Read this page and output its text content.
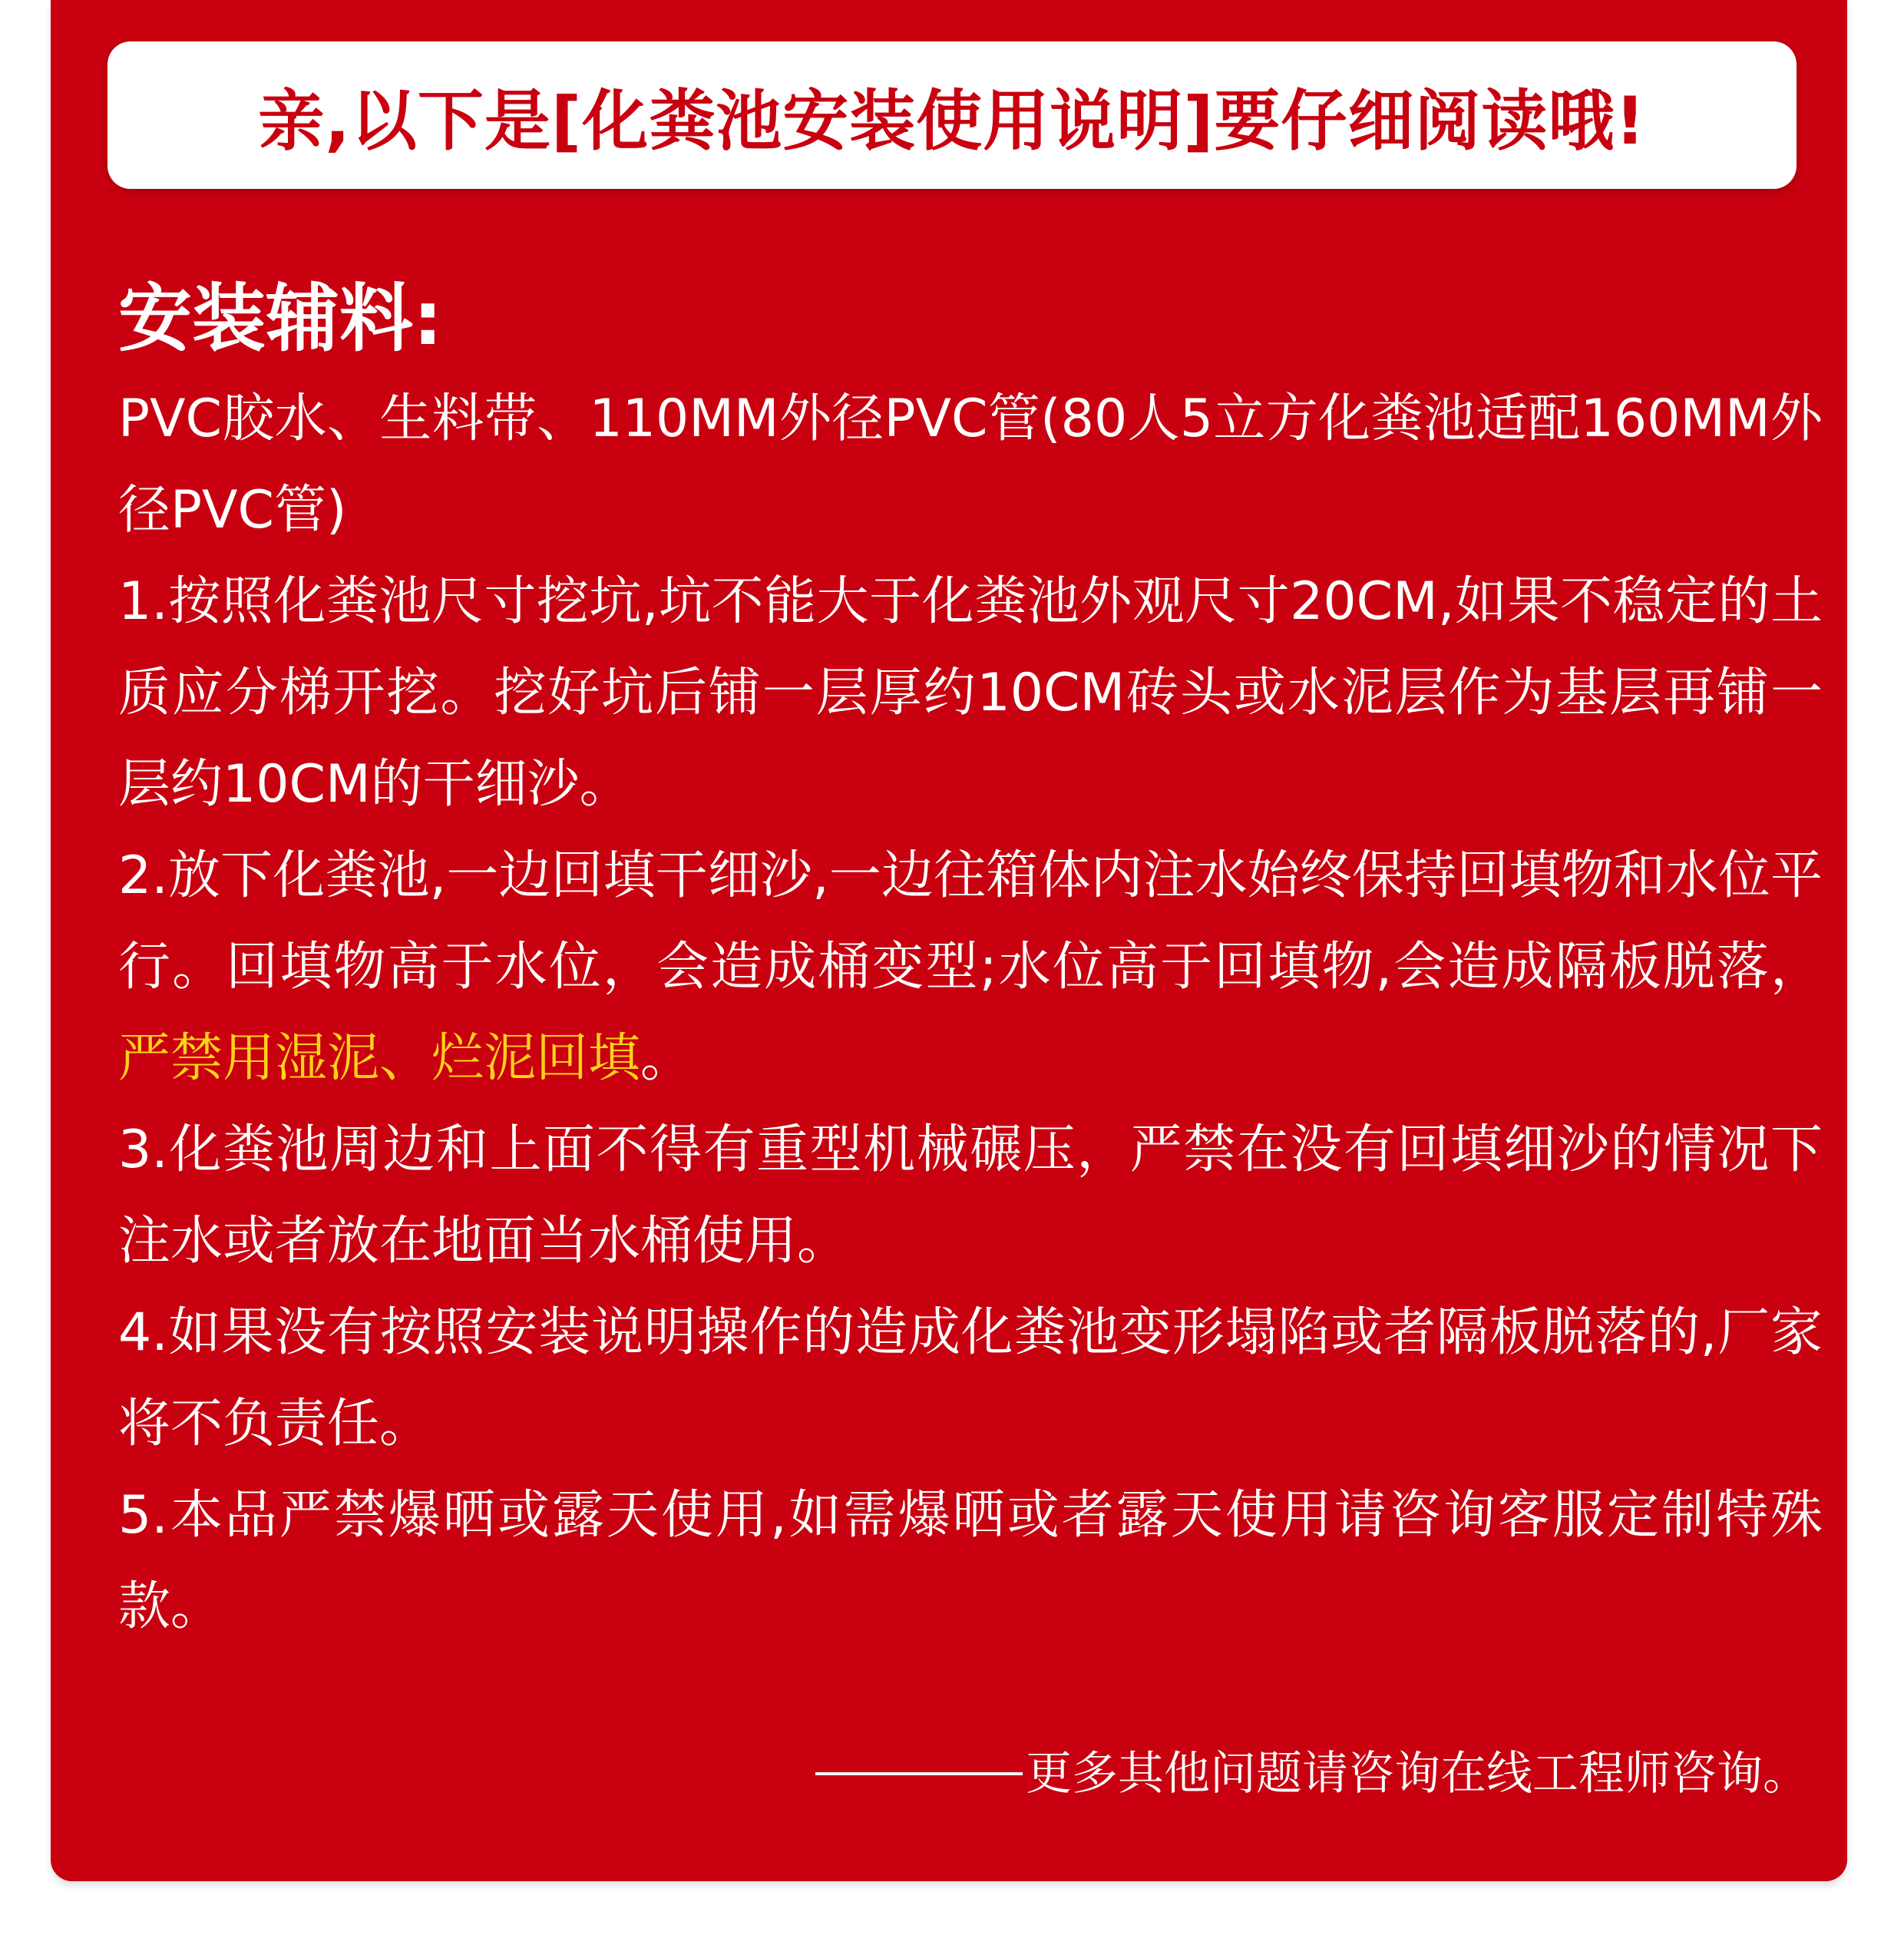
亲,以下是[化粪池安装使用说明]要仔细阅读哦!

安装辅料:

PVC胶水、生料带、110MM外径PVC管(80人5立方化粪池适配160MM外径PVC管)

1.按照化粪池尺寸挖坑,坑不能大于化粪池外观尺寸20CM,如果不稳定的土质应分梯开挖。挖好坑后铺一层厚约10CM砖头或水泥层作为基层再铺一层约10CM的干细沙。

2.放下化粪池,一边回填干细沙,一边往箱体内注水始终保持回填物和水位平行。回填物高于水位，会造成桶变型;水位高于回填物,会造成隔板脱落，严禁用湿泥、烂泥回填。

3.化粪池周边和上面不得有重型机械碾压，严禁在没有回填细沙的情况下注水或者放在地面当水桶使用。

4.如果没有按照安装说明操作的造成化粪池变形塌陷或者隔板脱落的,厂家将不负责任。

5.本品严禁爆晒或露天使用,如需爆晒或者露天使用请咨询客服定制特殊款。

更多其他问题请咨询在线工程师咨询。
